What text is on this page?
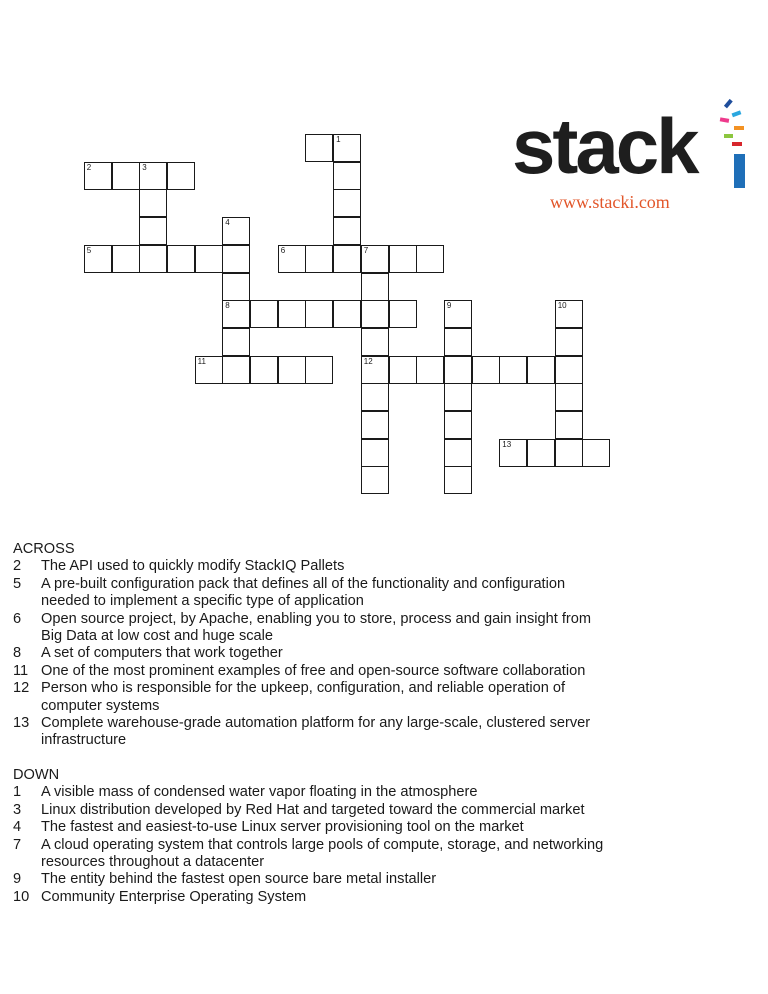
1
2	3
4
5	6	7
8	9	10
11	12
13
stack
www.stacki.com
ACROSS
2 The API used to quickly modify StackIQ Pallets
5 A pre-built configuration pack that defines all of the functionality and configuration
needed to implement a specific type of application
6 Open source project, by Apache, enabling you to store, process and gain insight from
Big Data at low cost and huge scale
8 A set of computers that work together
11 One of the most prominent examples of free and open-source software collaboration
12 Person who is responsible for the upkeep, configuration, and reliable operation of
computer systems
13 Complete warehouse-grade automation platform for any large-scale, clustered server
infrastructure
DOWN
1 A visible mass of condensed water vapor floating in the atmosphere
3 Linux distribution developed by Red Hat and targeted toward the commercial market
4 The fastest and easiest-to-use Linux server provisioning tool on the market
7 A cloud operating system that controls large pools of compute, storage, and networking
resources throughout a datacenter
9 The entity behind the fastest open source bare metal installer
10 Community Enterprise Operating System
